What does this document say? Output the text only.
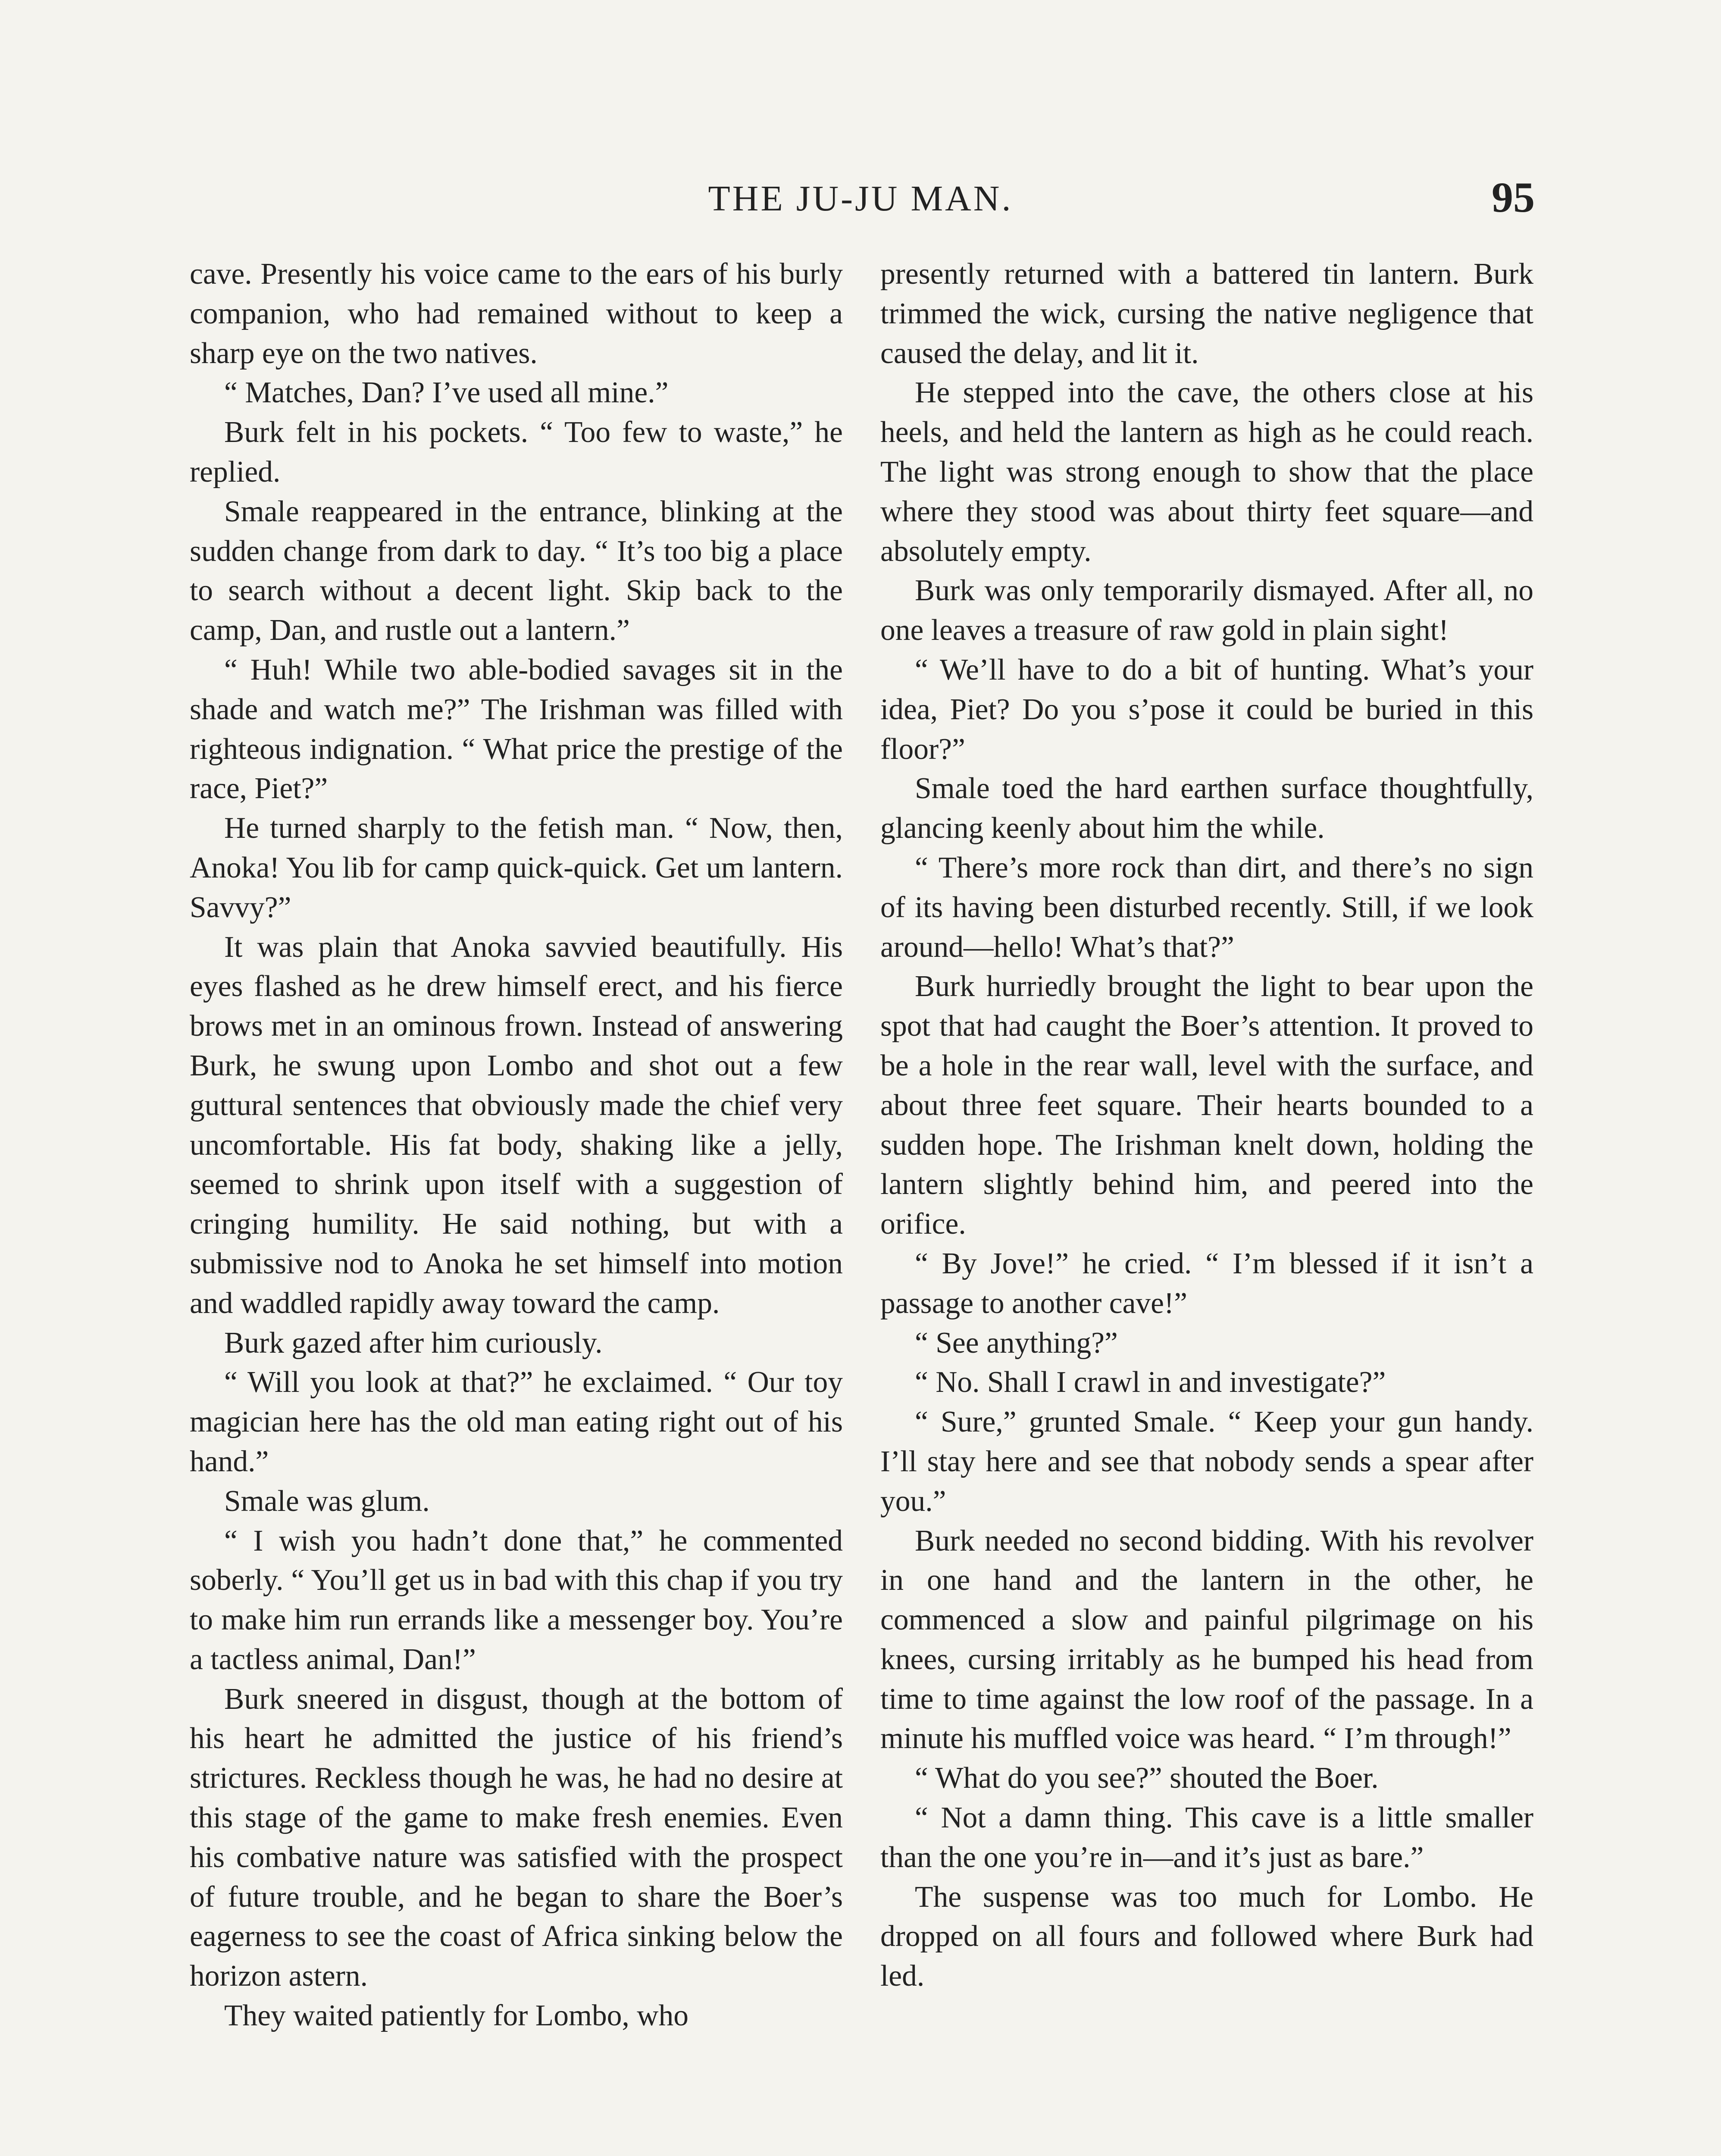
THE JU-JU MAN.	95

cave. Presently his voice came to the ears of his burly companion, who had remained without to keep a sharp eye on the two natives.

“ Matches, Dan? I’ve used all mine.”

Burk felt in his pockets. “ Too few to waste,” he replied.

Smale reappeared in the entrance, blinking at the sudden change from dark to day. “ It’s too big a place to search without a decent light. Skip back to the camp, Dan, and rustle out a lantern.”

“ Huh! While two able-bodied savages sit in the shade and watch me?” The Irishman was filled with righteous indignation. “ What price the prestige of the race, Piet?”

He turned sharply to the fetish man. “ Now, then, Anoka! You lib for camp quick-quick. Get um lantern. Savvy?”

It was plain that Anoka savvied beautifully. His eyes flashed as he drew himself erect, and his fierce brows met in an ominous frown. Instead of answering Burk, he swung upon Lombo and shot out a few guttural sentences that obviously made the chief very uncomfortable. His fat body, shaking like a jelly, seemed to shrink upon itself with a suggestion of cringing humility. He said nothing, but with a submissive nod to Anoka he set himself into motion and waddled rapidly away toward the camp.

Burk gazed after him curiously.

“ Will you look at that?” he exclaimed. “ Our toy magician here has the old man eating right out of his hand.”

Smale was glum.

“ I wish you hadn’t done that,” he commented soberly. “ You’ll get us in bad with this chap if you try to make him run errands like a messenger boy. You’re a tactless animal, Dan!”

Burk sneered in disgust, though at the bottom of his heart he admitted the justice of his friend’s strictures. Reckless though he was, he had no desire at this stage of the game to make fresh enemies. Even his combative nature was satisfied with the prospect of future trouble, and he began to share the Boer’s eagerness to see the coast of Africa sinking below the horizon astern.

They waited patiently for Lombo, who

presently returned with a battered tin lantern. Burk trimmed the wick, cursing the native negligence that caused the delay, and lit it.

He stepped into the cave, the others close at his heels, and held the lantern as high as he could reach. The light was strong enough to show that the place where they stood was about thirty feet square—and absolutely empty.

Burk was only temporarily dismayed. After all, no one leaves a treasure of raw gold in plain sight!

“ We’ll have to do a bit of hunting. What’s your idea, Piet? Do you s’pose it could be buried in this floor?”

Smale toed the hard earthen surface thoughtfully, glancing keenly about him the while.

“ There’s more rock than dirt, and there’s no sign of its having been disturbed recently. Still, if we look around—hello! What’s that?”

Burk hurriedly brought the light to bear upon the spot that had caught the Boer’s attention. It proved to be a hole in the rear wall, level with the surface, and about three feet square. Their hearts bounded to a sudden hope. The Irishman knelt down, holding the lantern slightly behind him, and peered into the orifice.

“ By Jove!” he cried. “ I’m blessed if it isn’t a passage to another cave!”

“ See anything?”

“ No. Shall I crawl in and investigate?”

“ Sure,” grunted Smale. “ Keep your gun handy. I’ll stay here and see that nobody sends a spear after you.”

Burk needed no second bidding. With his revolver in one hand and the lantern in the other, he commenced a slow and painful pilgrimage on his knees, cursing irritably as he bumped his head from time to time against the low roof of the passage. In a minute his muffled voice was heard. “ I’m through!”

“ What do you see?” shouted the Boer.

“ Not a damn thing. This cave is a little smaller than the one you’re in—and it’s just as bare.”

The suspense was too much for Lombo. He dropped on all fours and followed where Burk had led.
